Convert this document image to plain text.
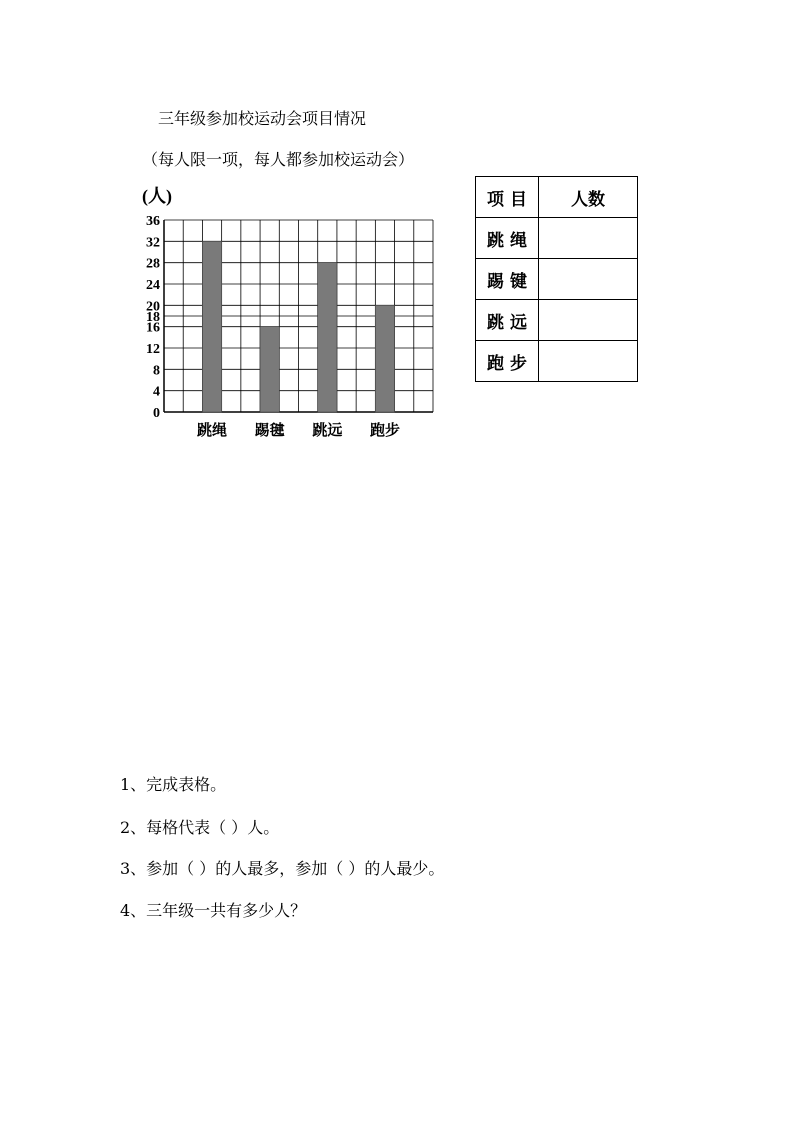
三年级参加校运动会项目情况
（每人限一项，每人都参加校运动会）
(人)
0
4
8
12
16
18
20
24
28
32
36
跳绳 踢毽 跳远 跑步
项 目	人数
跳 绳	
踢 键	
跳 远	
跑 步	
1、完成表格。
2、每格代表（ ）人。
3、参加（ ）的人最多，参加（ ）的人最少。
4、三年级一共有多少人？
